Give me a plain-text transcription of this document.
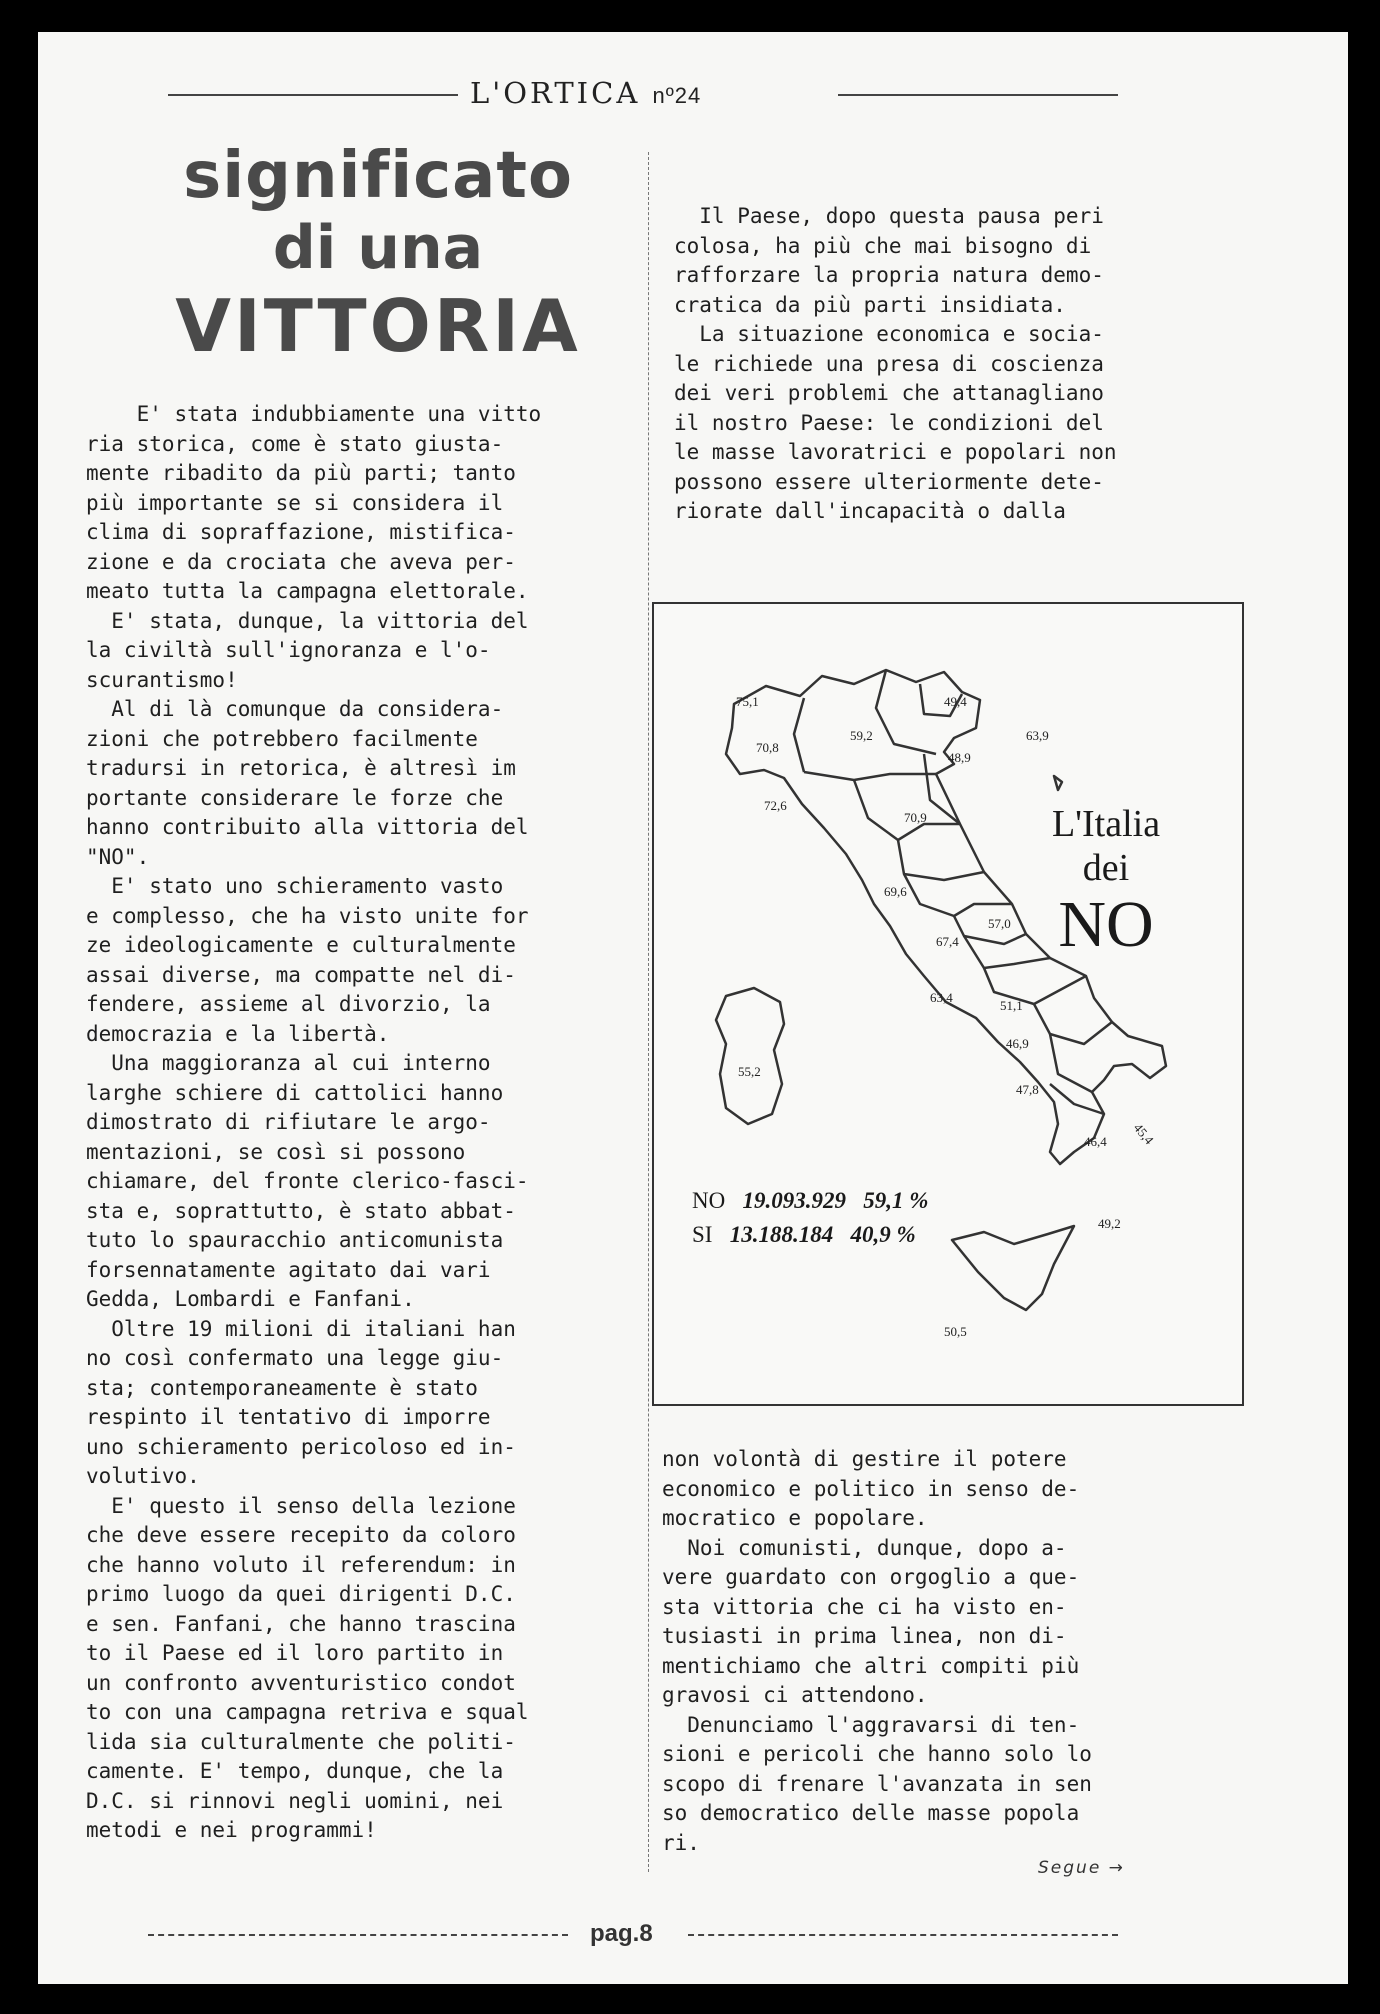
L'ORTICA nº24
significato
di una
VITTORIA
E' stata indubbiamente una vitto
ria storica, come è stato giusta-
mente ribadito da più parti; tanto
più importante se si considera il
clima di sopraffazione, mistifica-
zione e da crociata che aveva per-
meato tutta la campagna elettorale.
E' stata, dunque, la vittoria del
la civiltà sull'ignoranza e l'o-
scurantismo!
Al di là comunque da considera-
zioni che potrebbero facilmente
tradursi in retorica, è altresì im
portante considerare le forze che
hanno contribuito alla vittoria del
"NO".
E' stato uno schieramento vasto
e complesso, che ha visto unite for
ze ideologicamente e culturalmente
assai diverse, ma compatte nel di-
fendere, assieme al divorzio, la
democrazia e la libertà.
Una maggioranza al cui interno
larghe schiere di cattolici hanno
dimostrato di rifiutare le argo-
mentazioni, se così si possono
chiamare, del fronte clerico-fasci-
sta e, soprattutto, è stato abbat-
tuto lo spauracchio anticomunista
forsennatamente agitato dai vari
Gedda, Lombardi e Fanfani.
Oltre 19 milioni di italiani han
no così confermato una legge giu-
sta; contemporaneamente è stato
respinto il tentativo di imporre
uno schieramento pericoloso ed in-
volutivo.
E' questo il senso della lezione
che deve essere recepito da coloro
che hanno voluto il referendum: in
primo luogo da quei dirigenti D.C.
e sen. Fanfani, che hanno trascina
to il Paese ed il loro partito in
un confronto avventuristico condot
to con una campagna retriva e squal
lida sia culturalmente che politi-
camente. E' tempo, dunque, che la
D.C. si rinnovi negli uomini, nei
metodi e nei programmi!
Il Paese, dopo questa pausa peri
colosa, ha più che mai bisogno di
rafforzare la propria natura demo-
cratica da più parti insidiata.
La situazione economica e socia-
le richiede una presa di coscienza
dei veri problemi che attanagliano
il nostro Paese: le condizioni del
le masse lavoratrici e popolari non
possono essere ulteriormente dete-
riorate dall'incapacità o dalla
75,1
70,8
59,2
49,4
63,9
48,9
72,6
70,9
69,6
67,4
57,0
63,4
51,1
55,2
46,9
47,8
45,4
46,4
49,2
50,5
L'Italia
dei
NO
NO 19.093.929 59,1 %
SI 13.188.184 40,9 %
non volontà di gestire il potere
economico e politico in senso de-
mocratico e popolare.
Noi comunisti, dunque, dopo a-
vere guardato con orgoglio a que-
sta vittoria che ci ha visto en-
tusiasti in prima linea, non di-
mentichiamo che altri compiti più
gravosi ci attendono.
Denunciamo l'aggravarsi di ten-
sioni e pericoli che hanno solo lo
scopo di frenare l'avanzata in sen
so democratico delle masse popola
ri.
Segue →
pag.8
